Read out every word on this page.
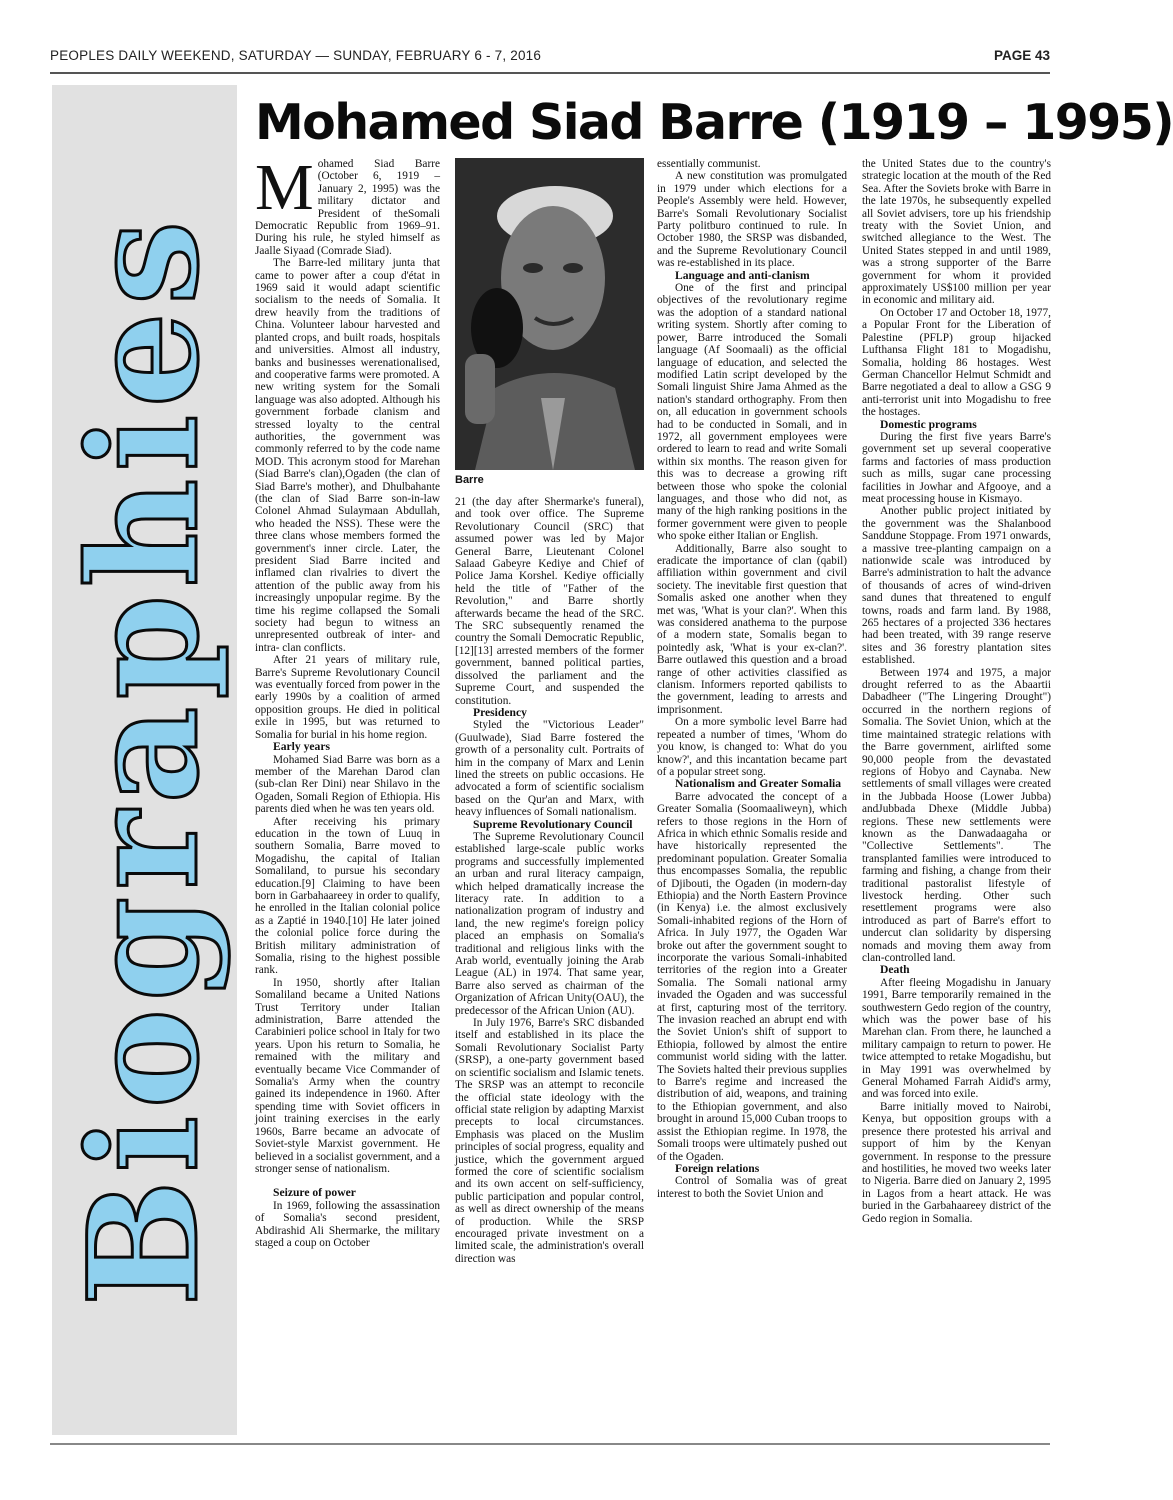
PEOPLES DAILY WEEKEND, SATURDAY — SUNDAY, FEBRUARY 6 - 7, 2016	PAGE 43
Biographies
Mohamed Siad Barre (1919 – 1995)

Mohamed Siad Barre (October 6, 1919 – January 2, 1995) was the military dictator and President of theSomali Democratic Republic from 1969–91. During his rule, he styled himself as Jaalle Siyaad (Comrade Siad).

The Barre-led military junta that came to power after a coup d'état in 1969 said it would adapt scientific socialism to the needs of Somalia. It drew heavily from the traditions of China. Volunteer labour harvested and planted crops, and built roads, hospitals and universities. Almost all industry, banks and businesses werenationalised, and cooperative farms were promoted. A new writing system for the Somali language was also adopted. Although his government forbade clanism and stressed loyalty to the central authorities, the government was commonly referred to by the code name MOD. This acronym stood for Marehan (Siad Barre's clan),Ogaden (the clan of Siad Barre's mother), and Dhulbahante (the clan of Siad Barre son-in-law Colonel Ahmad Sulaymaan Abdullah, who headed the NSS). These were the three clans whose members formed the government's inner circle. Later, the president Siad Barre incited and inflamed clan rivalries to divert the attention of the public away from his increasingly unpopular regime. By the time his regime collapsed the Somali society had begun to witness an unrepresented outbreak of inter- and intra- clan conflicts.

After 21 years of military rule, Barre's Supreme Revolutionary Council was eventually forced from power in the early 1990s by a coalition of armed opposition groups. He died in political exile in 1995, but was returned to Somalia for burial in his home region.

Early years

Mohamed Siad Barre was born as a member of the Marehan Darod clan (sub-clan Rer Dini) near Shilavo in the Ogaden, Somali Region of Ethiopia. His parents died when he was ten years old.

After receiving his primary education in the town of Luuq in southern Somalia, Barre moved to Mogadishu, the capital of Italian Somaliland, to pursue his secondary education.[9] Claiming to have been born in Garbahaareey in order to qualify, he enrolled in the Italian colonial police as a Zaptié in 1940.[10] He later joined the colonial police force during the British military administration of Somalia, rising to the highest possible rank.

In 1950, shortly after Italian Somaliland became a United Nations Trust Territory under Italian administration, Barre attended the Carabinieri police school in Italy for two years. Upon his return to Somalia, he remained with the military and eventually became Vice Commander of Somalia's Army when the country gained its independence in 1960. After spending time with Soviet officers in joint training exercises in the early 1960s, Barre became an advocate of Soviet-style Marxist government. He believed in a socialist government, and a stronger sense of nationalism.

Seizure of power

In 1969, following the assassination of Somalia's second president, Abdirashid Ali Shermarke, the military staged a coup on October

Barre

21 (the day after Shermarke's funeral), and took over office. The Supreme Revolutionary Council (SRC) that assumed power was led by Major General Barre, Lieutenant Colonel Salaad Gabeyre Kediye and Chief of Police Jama Korshel. Kediye officially held the title of "Father of the Revolution," and Barre shortly afterwards became the head of the SRC. The SRC subsequently renamed the country the Somali Democratic Republic,[12][13] arrested members of the former government, banned political parties, dissolved the parliament and the Supreme Court, and suspended the constitution.

Presidency

Styled the "Victorious Leader" (Guulwade), Siad Barre fostered the growth of a personality cult. Portraits of him in the company of Marx and Lenin lined the streets on public occasions. He advocated a form of scientific socialism based on the Qur'an and Marx, with heavy influences of Somali nationalism.

Supreme Revolutionary Council

The Supreme Revolutionary Council established large-scale public works programs and successfully implemented an urban and rural literacy campaign, which helped dramatically increase the literacy rate. In addition to a nationalization program of industry and land, the new regime's foreign policy placed an emphasis on Somalia's traditional and religious links with the Arab world, eventually joining the Arab League (AL) in 1974. That same year, Barre also served as chairman of the Organization of African Unity(OAU), the predecessor of the African Union (AU).

In July 1976, Barre's SRC disbanded itself and established in its place the Somali Revolutionary Socialist Party (SRSP), a one-party government based on scientific socialism and Islamic tenets. The SRSP was an attempt to reconcile the official state ideology with the official state religion by adapting Marxist precepts to local circumstances. Emphasis was placed on the Muslim principles of social progress, equality and justice, which the government argued formed the core of scientific socialism and its own accent on self-sufficiency, public participation and popular control, as well as direct ownership of the means of production. While the SRSP encouraged private investment on a limited scale, the administration's overall direction was

essentially communist.

A new constitution was promulgated in 1979 under which elections for a People's Assembly were held. However, Barre's Somali Revolutionary Socialist Party politburo continued to rule. In October 1980, the SRSP was disbanded, and the Supreme Revolutionary Council was re-established in its place.

Language and anti-clanism

One of the first and principal objectives of the revolutionary regime was the adoption of a standard national writing system. Shortly after coming to power, Barre introduced the Somali language (Af Soomaali) as the official language of education, and selected the modified Latin script developed by the Somali linguist Shire Jama Ahmed as the nation's standard orthography. From then on, all education in government schools had to be conducted in Somali, and in 1972, all government employees were ordered to learn to read and write Somali within six months. The reason given for this was to decrease a growing rift between those who spoke the colonial languages, and those who did not, as many of the high ranking positions in the former government were given to people who spoke either Italian or English.

Additionally, Barre also sought to eradicate the importance of clan (qabil) affiliation within government and civil society. The inevitable first question that Somalis asked one another when they met was, 'What is your clan?'. When this was considered anathema to the purpose of a modern state, Somalis began to pointedly ask, 'What is your ex-clan?'. Barre outlawed this question and a broad range of other activities classified as clanism. Informers reported qabilists to the government, leading to arrests and imprisonment.

On a more symbolic level Barre had repeated a number of times, 'Whom do you know, is changed to: What do you know?', and this incantation became part of a popular street song.

Nationalism and Greater Somalia

Barre advocated the concept of a Greater Somalia (Soomaaliweyn), which refers to those regions in the Horn of Africa in which ethnic Somalis reside and have historically represented the predominant population. Greater Somalia thus encompasses Somalia, the republic of Djibouti, the Ogaden (in modern-day Ethiopia) and the North Eastern Province (in Kenya) i.e. the almost exclusively Somali-inhabited regions of the Horn of Africa. In July 1977, the Ogaden War broke out after the government sought to incorporate the various Somali-inhabited territories of the region into a Greater Somalia. The Somali national army invaded the Ogaden and was successful at first, capturing most of the territory. The invasion reached an abrupt end with the Soviet Union's shift of support to Ethiopia, followed by almost the entire communist world siding with the latter. The Soviets halted their previous supplies to Barre's regime and increased the distribution of aid, weapons, and training to the Ethiopian government, and also brought in around 15,000 Cuban troops to assist the Ethiopian regime. In 1978, the Somali troops were ultimately pushed out of the Ogaden.

Foreign relations

Control of Somalia was of great interest to both the Soviet Union and

the United States due to the country's strategic location at the mouth of the Red Sea. After the Soviets broke with Barre in the late 1970s, he subsequently expelled all Soviet advisers, tore up his friendship treaty with the Soviet Union, and switched allegiance to the West. The United States stepped in and until 1989, was a strong supporter of the Barre government for whom it provided approximately US$100 million per year in economic and military aid.

On October 17 and October 18, 1977, a Popular Front for the Liberation of Palestine (PFLP) group hijacked Lufthansa Flight 181 to Mogadishu, Somalia, holding 86 hostages. West German Chancellor Helmut Schmidt and Barre negotiated a deal to allow a GSG 9 anti-terrorist unit into Mogadishu to free the hostages.

Domestic programs

During the first five years Barre's government set up several cooperative farms and factories of mass production such as mills, sugar cane processing facilities in Jowhar and Afgooye, and a meat processing house in Kismayo.

Another public project initiated by the government was the Shalanbood Sanddune Stoppage. From 1971 onwards, a massive tree-planting campaign on a nationwide scale was introduced by Barre's administration to halt the advance of thousands of acres of wind-driven sand dunes that threatened to engulf towns, roads and farm land. By 1988, 265 hectares of a projected 336 hectares had been treated, with 39 range reserve sites and 36 forestry plantation sites established.

Between 1974 and 1975, a major drought referred to as the Abaartii Dabadheer ("The Lingering Drought") occurred in the northern regions of Somalia. The Soviet Union, which at the time maintained strategic relations with the Barre government, airlifted some 90,000 people from the devastated regions of Hobyo and Caynaba. New settlements of small villages were created in the Jubbada Hoose (Lower Jubba) andJubbada Dhexe (Middle Jubba) regions. These new settlements were known as the Danwadaagaha or "Collective Settlements". The transplanted families were introduced to farming and fishing, a change from their traditional pastoralist lifestyle of livestock herding. Other such resettlement programs were also introduced as part of Barre's effort to undercut clan solidarity by dispersing nomads and moving them away from clan-controlled land.

Death

After fleeing Mogadishu in January 1991, Barre temporarily remained in the southwestern Gedo region of the country, which was the power base of his Marehan clan. From there, he launched a military campaign to return to power. He twice attempted to retake Mogadishu, but in May 1991 was overwhelmed by General Mohamed Farrah Aidid's army, and was forced into exile.

Barre initially moved to Nairobi, Kenya, but opposition groups with a presence there protested his arrival and support of him by the Kenyan government. In response to the pressure and hostilities, he moved two weeks later to Nigeria. Barre died on January 2, 1995 in Lagos from a heart attack. He was buried in the Garbahaareey district of the Gedo region in Somalia.
